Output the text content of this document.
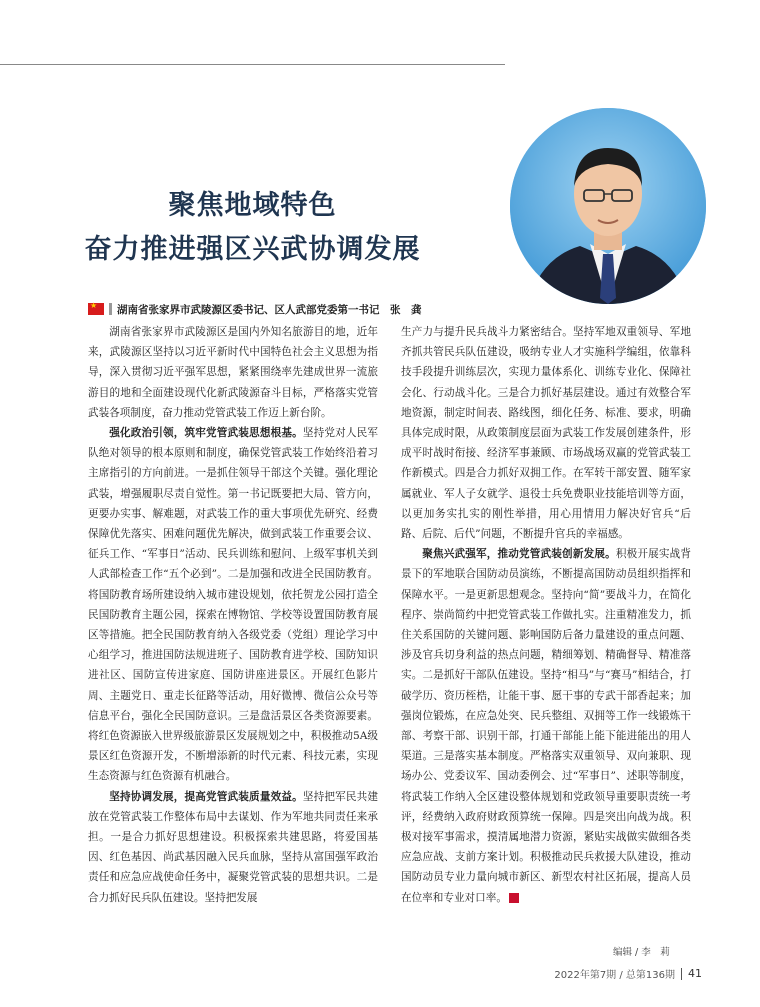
聚焦地域特色
奋力推进强区兴武协调发展
★
湖南省张家界市武陵源区委书记、区人武部党委第一书记　张　龚

湖南省张家界市武陵源区是国内外知名旅游目的地，近年来，武陵源区坚持以习近平新时代中国特色社会主义思想为指导，深入贯彻习近平强军思想，紧紧围绕率先建成世界一流旅游目的地和全面建设现代化新武陵源奋斗目标，严格落实党管武装各项制度，奋力推动党管武装工作迈上新台阶。

强化政治引领，筑牢党管武装思想根基。坚持党对人民军队绝对领导的根本原则和制度，确保党管武装工作始终沿着习主席指引的方向前进。一是抓住领导干部这个关键。强化理论武装，增强履职尽责自觉性。第一书记既要把大局、管方向，更要办实事、解难题，对武装工作的重大事项优先研究、经费保障优先落实、困难问题优先解决，做到武装工作重要会议、征兵工作、“军事日”活动、民兵训练和慰问、上级军事机关到人武部检查工作“五个必到”。二是加强和改进全民国防教育。将国防教育场所建设纳入城市建设规划，依托贺龙公园打造全民国防教育主题公园，探索在博物馆、学校等设置国防教育展区等措施。把全民国防教育纳入各级党委（党组）理论学习中心组学习，推进国防法规进班子、国防教育进学校、国防知识进社区、国防宣传进家庭、国防讲座进景区。开展红色影片周、主题党日、重走长征路等活动，用好微博、微信公众号等信息平台，强化全民国防意识。三是盘活景区各类资源要素。将红色资源嵌入世界级旅游景区发展规划之中，积极推动5A级景区红色资源开发，不断增添新的时代元素、科技元素，实现生态资源与红色资源有机融合。

坚持协调发展，提高党管武装质量效益。坚持把军民共建放在党管武装工作整体布局中去谋划、作为军地共同责任来承担。一是合力抓好思想建设。积极探索共建思路，将爱国基因、红色基因、尚武基因融入民兵血脉，坚持从富国强军政治责任和应急应战使命任务中，凝聚党管武装的思想共识。二是合力抓好民兵队伍建设。坚持把发展

生产力与提升民兵战斗力紧密结合。坚持军地双重领导、军地齐抓共管民兵队伍建设，吸纳专业人才实施科学编组，依靠科技手段提升训练层次，实现力量体系化、训练专业化、保障社会化、行动战斗化。三是合力抓好基层建设。通过有效整合军地资源，制定时间表、路线图，细化任务、标准、要求，明确具体完成时限，从政策制度层面为武装工作发展创建条件，形成平时战时衔接、经济军事兼顾、市场战场双赢的党管武装工作新模式。四是合力抓好双拥工作。在军转干部安置、随军家属就业、军人子女就学、退役士兵免费职业技能培训等方面，以更加务实扎实的刚性举措，用心用情用力解决好官兵“后路、后院、后代”问题，不断提升官兵的幸福感。

聚焦兴武强军，推动党管武装创新发展。积极开展实战背景下的军地联合国防动员演练，不断提高国防动员组织指挥和保障水平。一是更新思想观念。坚持向“简”要战斗力，在简化程序、崇尚简约中把党管武装工作做扎实。注重精准发力，抓住关系国防的关键问题、影响国防后备力量建设的重点问题、涉及官兵切身利益的热点问题，精细筹划、精确督导、精准落实。二是抓好干部队伍建设。坚持“相马”与“赛马”相结合，打破学历、资历桎梏，让能干事、愿干事的专武干部香起来；加强岗位锻炼，在应急处突、民兵整组、双拥等工作一线锻炼干部、考察干部、识别干部，打通干部能上能下能进能出的用人渠道。三是落实基本制度。严格落实双重领导、双向兼职、现场办公、党委议军、国动委例会、过“军事日”、述职等制度，将武装工作纳入全区建设整体规划和党政领导重要职责统一考评，经费纳入政府财政预算统一保障。四是突出向战为战。积极对接军事需求，摸清属地潜力资源，紧贴实战做实做细各类应急应战、支前方案计划。积极推动民兵救援大队建设，推动国防动员专业力量向城市新区、新型农村社区拓展，提高人员在位率和专业对口率。	G

编辑 / 李　莉
2022年第7期 / 总第136期 41
